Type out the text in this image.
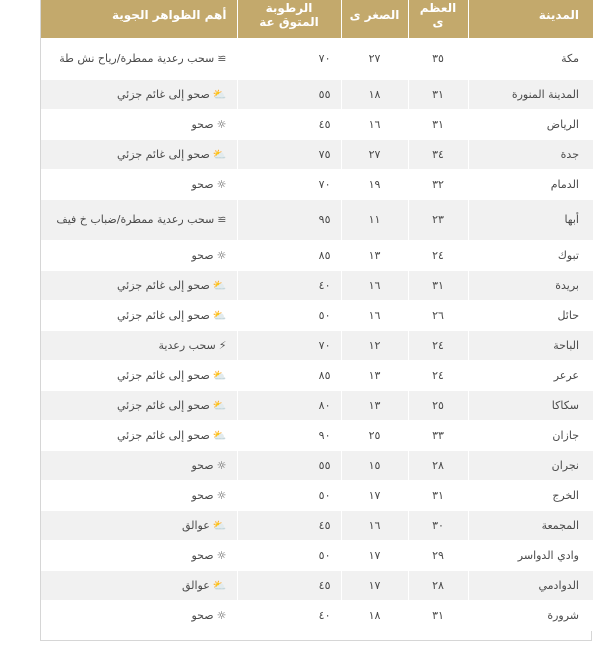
المدينة	العظم ى	الصغر ى	الرطوبة المتوق عة	أهم الظواهر الجوية
مكة	٣٥	٢٧	٧٠	≅سحب رعدية ممطرة/رياح نش طة
المدينة المنورة	٣١	١٨	٥٥	⛅صحو إلى غائم جزئي
الرياض	٣١	١٦	٤٥	☼صحو
جدة	٣٤	٢٧	٧٥	⛅صحو إلى غائم جزئي
الدمام	٣٢	١٩	٧٠	☼صحو
أبها	٢٣	١١	٩٥	≅سحب رعدية ممطرة/ضباب خ فيف
تبوك	٢٤	١٣	٨٥	☼صحو
بريدة	٣١	١٦	٤٠	⛅صحو إلى غائم جزئي
حائل	٢٦	١٦	٥٠	⛅صحو إلى غائم جزئي
الباحة	٢٤	١٢	٧٠	⚡سحب رعدية
عرعر	٢٤	١٣	٨٥	⛅صحو إلى غائم جزئي
سكاكا	٢٥	١٣	٨٠	⛅صحو إلى غائم جزئي
جازان	٣٣	٢٥	٩٠	⛅صحو إلى غائم جزئي
نجران	٢٨	١٥	٥٥	☼صحو
الخرج	٣١	١٧	٥٠	☼صحو
المجمعة	٣٠	١٦	٤٥	⛅عوالق
وادي الدواسر	٢٩	١٧	٥٠	☼صحو
الدوادمي	٢٨	١٧	٤٥	⛅عوالق
شرورة	٣١	١٨	٤٠	☼صحو
